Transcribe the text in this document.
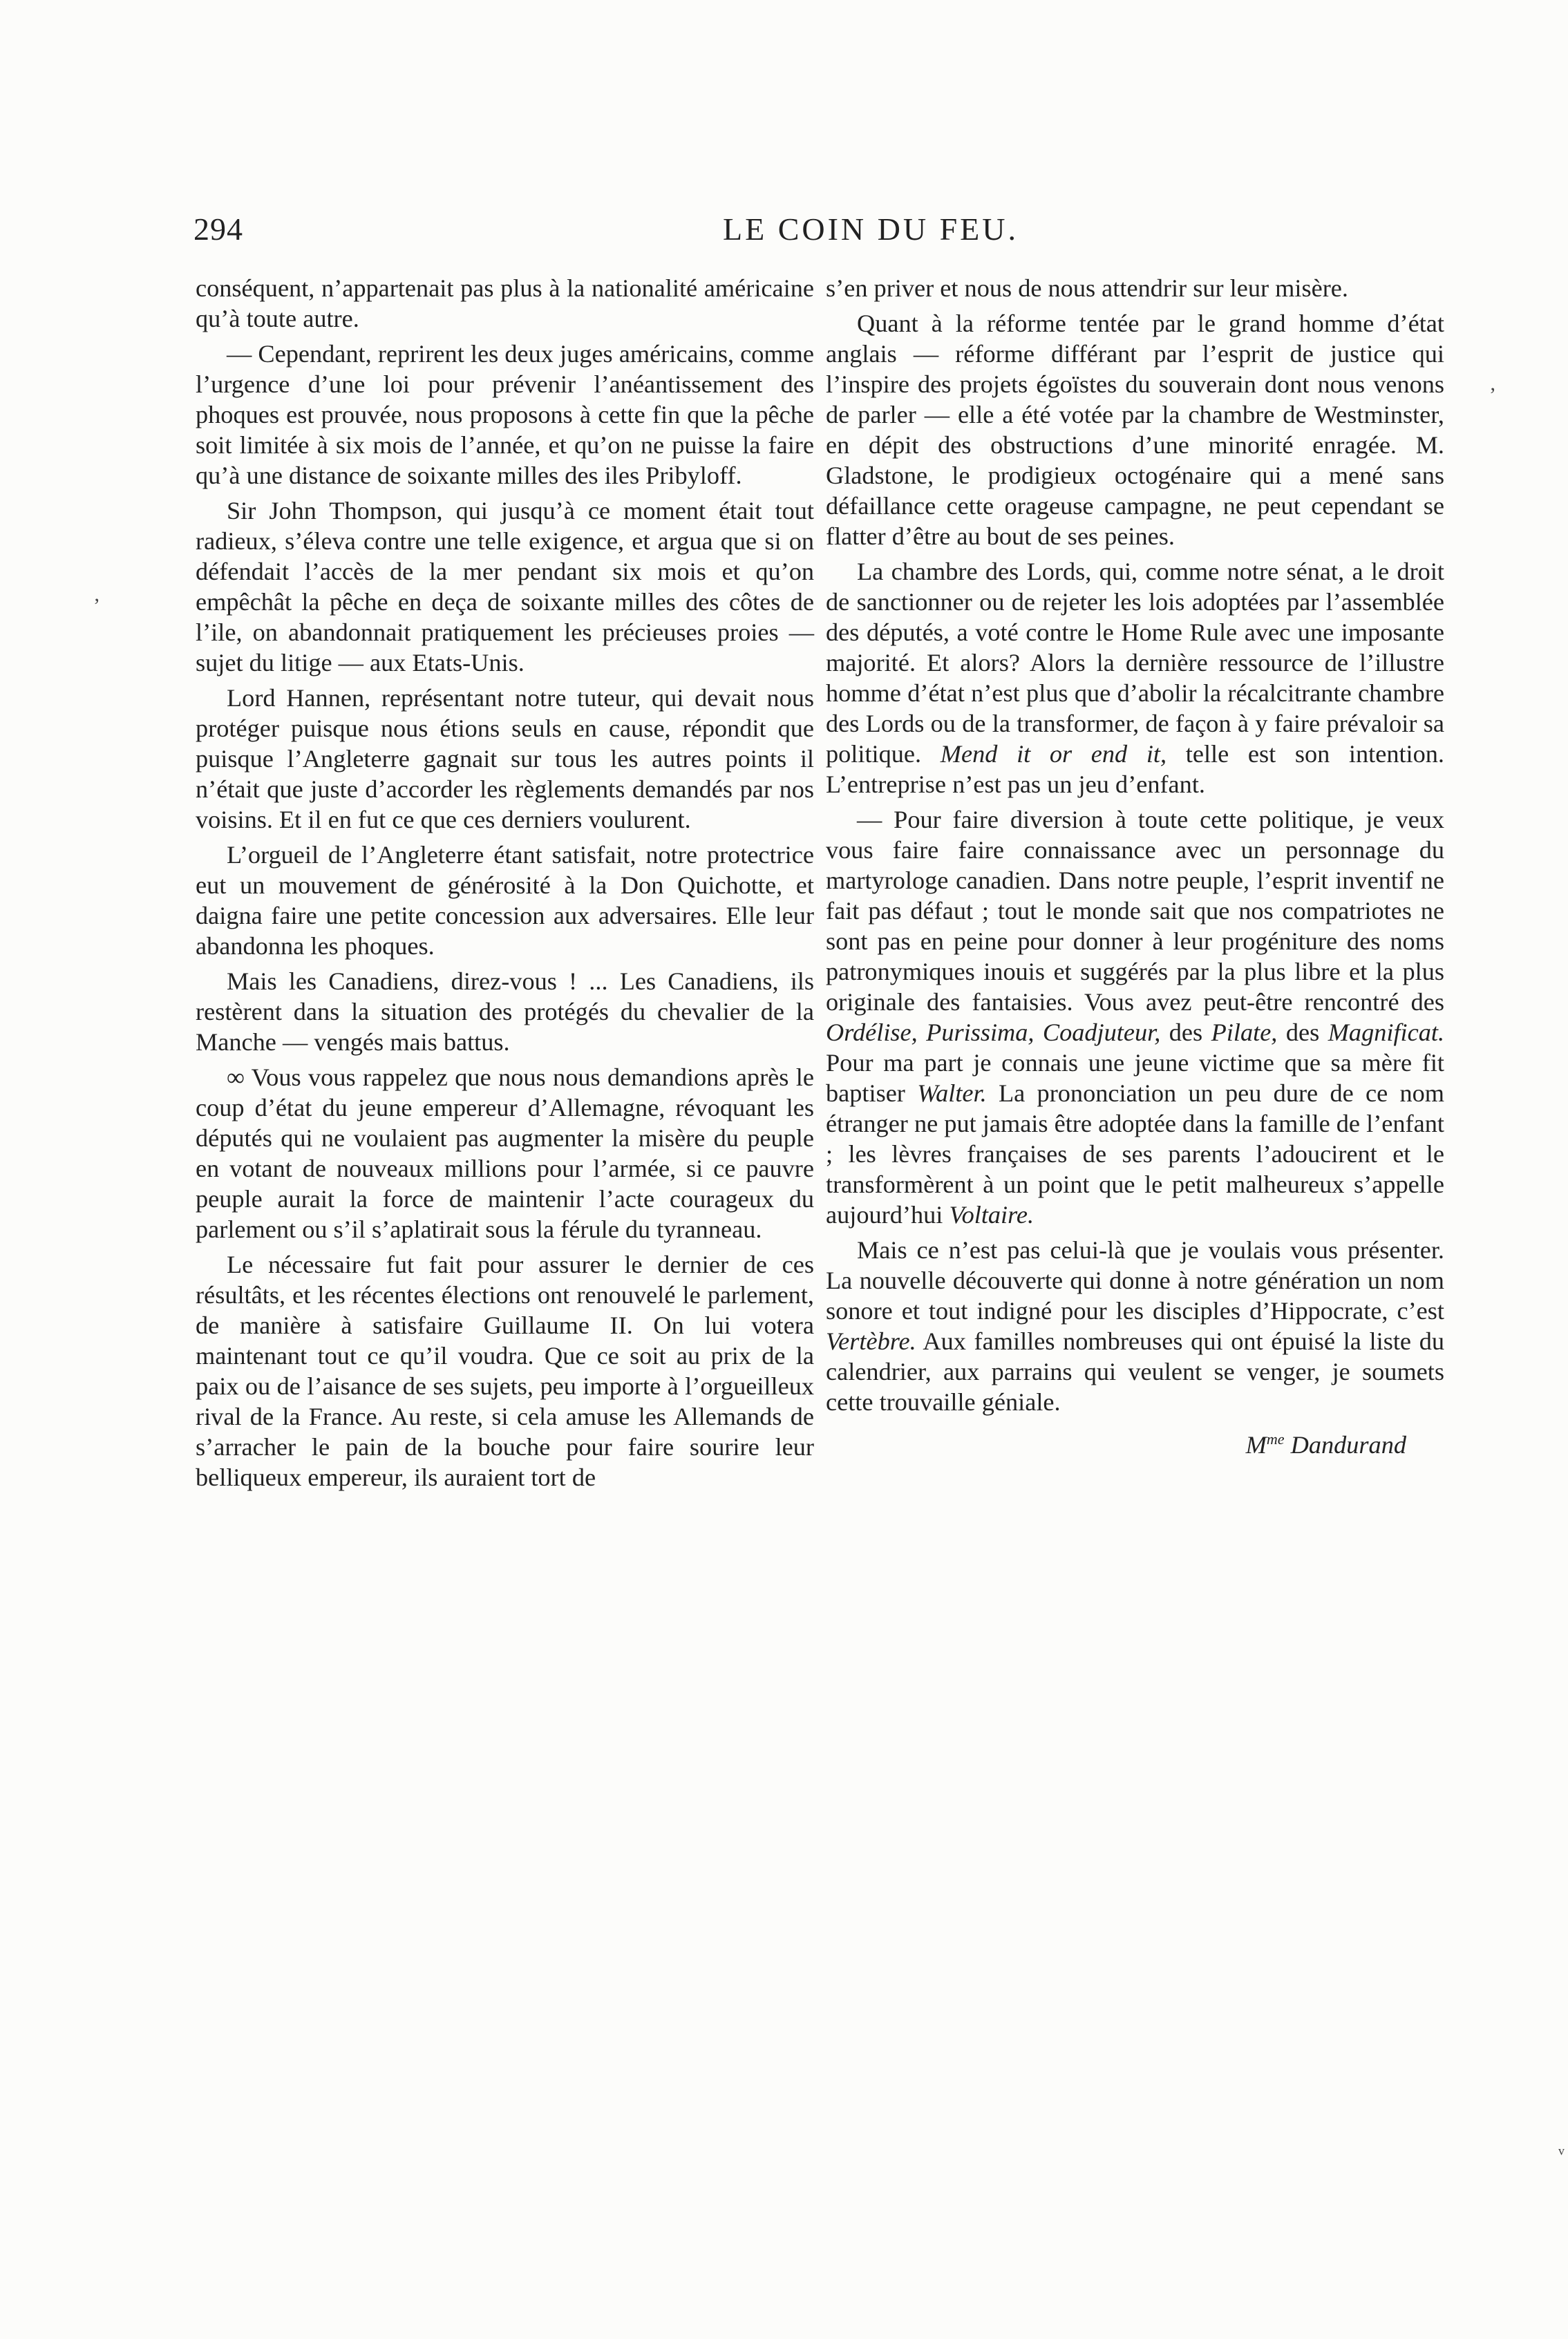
294	LE COIN DU FEU.

conséquent, n’appartenait pas plus à la nationalité américaine qu’à toute autre.

— Cependant, reprirent les deux juges américains, comme l’urgence d’une loi pour prévenir l’anéantissement des phoques est prouvée, nous proposons à cette fin que la pêche soit limitée à six mois de l’année, et qu’on ne puisse la faire qu’à une distance de soixante milles des iles Pribyloff.

Sir John Thompson, qui jusqu’à ce moment était tout radieux, s’éleva contre une telle exigence, et argua que si on défendait l’accès de la mer pendant six mois et qu’on empêchât la pêche en deça de soixante milles des côtes de l’ile, on abandonnait pratiquement les précieuses proies — sujet du litige — aux Etats-Unis.

Lord Hannen, représentant notre tuteur, qui devait nous protéger puisque nous étions seuls en cause, répondit que puisque l’Angleterre gagnait sur tous les autres points il n’était que juste d’accorder les règlements demandés par nos voisins. Et il en fut ce que ces derniers voulurent.

L’orgueil de l’Angleterre étant satisfait, notre protectrice eut un mouvement de générosité à la Don Quichotte, et daigna faire une petite concession aux adversaires. Elle leur abandonna les phoques.

Mais les Canadiens, direz-vous ! ... Les Canadiens, ils restèrent dans la situation des protégés du chevalier de la Manche — vengés mais battus.

∞ Vous vous rappelez que nous nous demandions après le coup d’état du jeune empereur d’Allemagne, révoquant les députés qui ne voulaient pas augmenter la misère du peuple en votant de nouveaux millions pour l’armée, si ce pauvre peuple aurait la force de maintenir l’acte courageux du parlement ou s’il s’aplatirait sous la férule du tyranneau.

Le nécessaire fut fait pour assurer le dernier de ces résultâts, et les récentes élections ont renouvelé le parlement, de manière à satisfaire Guillaume II. On lui votera maintenant tout ce qu’il voudra. Que ce soit au prix de la paix ou de l’aisance de ses sujets, peu importe à l’orgueilleux rival de la France. Au reste, si cela amuse les Allemands de s’arracher le pain de la bouche pour faire sourire leur belliqueux empereur, ils auraient tort de

s’en priver et nous de nous attendrir sur leur misère.

Quant à la réforme tentée par le grand homme d’état anglais — réforme différant par l’esprit de justice qui l’inspire des projets égoïstes du souverain dont nous venons de parler — elle a été votée par la chambre de Westminster, en dépit des obstructions d’une minorité enragée. M. Gladstone, le prodigieux octogénaire qui a mené sans défaillance cette orageuse campagne, ne peut cependant se flatter d’être au bout de ses peines.

La chambre des Lords, qui, comme notre sénat, a le droit de sanctionner ou de rejeter les lois adoptées par l’assemblée des députés, a voté contre le Home Rule avec une imposante majorité. Et alors? Alors la dernière ressource de l’illustre homme d’état n’est plus que d’abolir la récalcitrante chambre des Lords ou de la transformer, de façon à y faire prévaloir sa politique. Mend it or end it, telle est son intention. L’entreprise n’est pas un jeu d’enfant.

— Pour faire diversion à toute cette politique, je veux vous faire faire connaissance avec un personnage du martyrologe canadien. Dans notre peuple, l’esprit inventif ne fait pas défaut ; tout le monde sait que nos compatriotes ne sont pas en peine pour donner à leur progéniture des noms patronymiques inouis et suggérés par la plus libre et la plus originale des fantaisies. Vous avez peut-être rencontré des Ordélise, Purissima, Coadjuteur, des Pilate, des Magnificat. Pour ma part je connais une jeune victime que sa mère fit baptiser Walter. La prononciation un peu dure de ce nom étranger ne put jamais être adoptée dans la famille de l’enfant ; les lèvres françaises de ses parents l’adoucirent et le transformèrent à un point que le petit malheureux s’appelle aujourd’hui Voltaire.

Mais ce n’est pas celui-là que je voulais vous présenter. La nouvelle découverte qui donne à notre génération un nom sonore et tout indigné pour les disciples d’Hippocrate, c’est Vertèbre. Aux familles nombreuses qui ont épuisé la liste du calendrier, aux parrains qui veulent se venger, je soumets cette trouvaille géniale.

$M^{me}$ Dandurand
’
’
ᵥ
